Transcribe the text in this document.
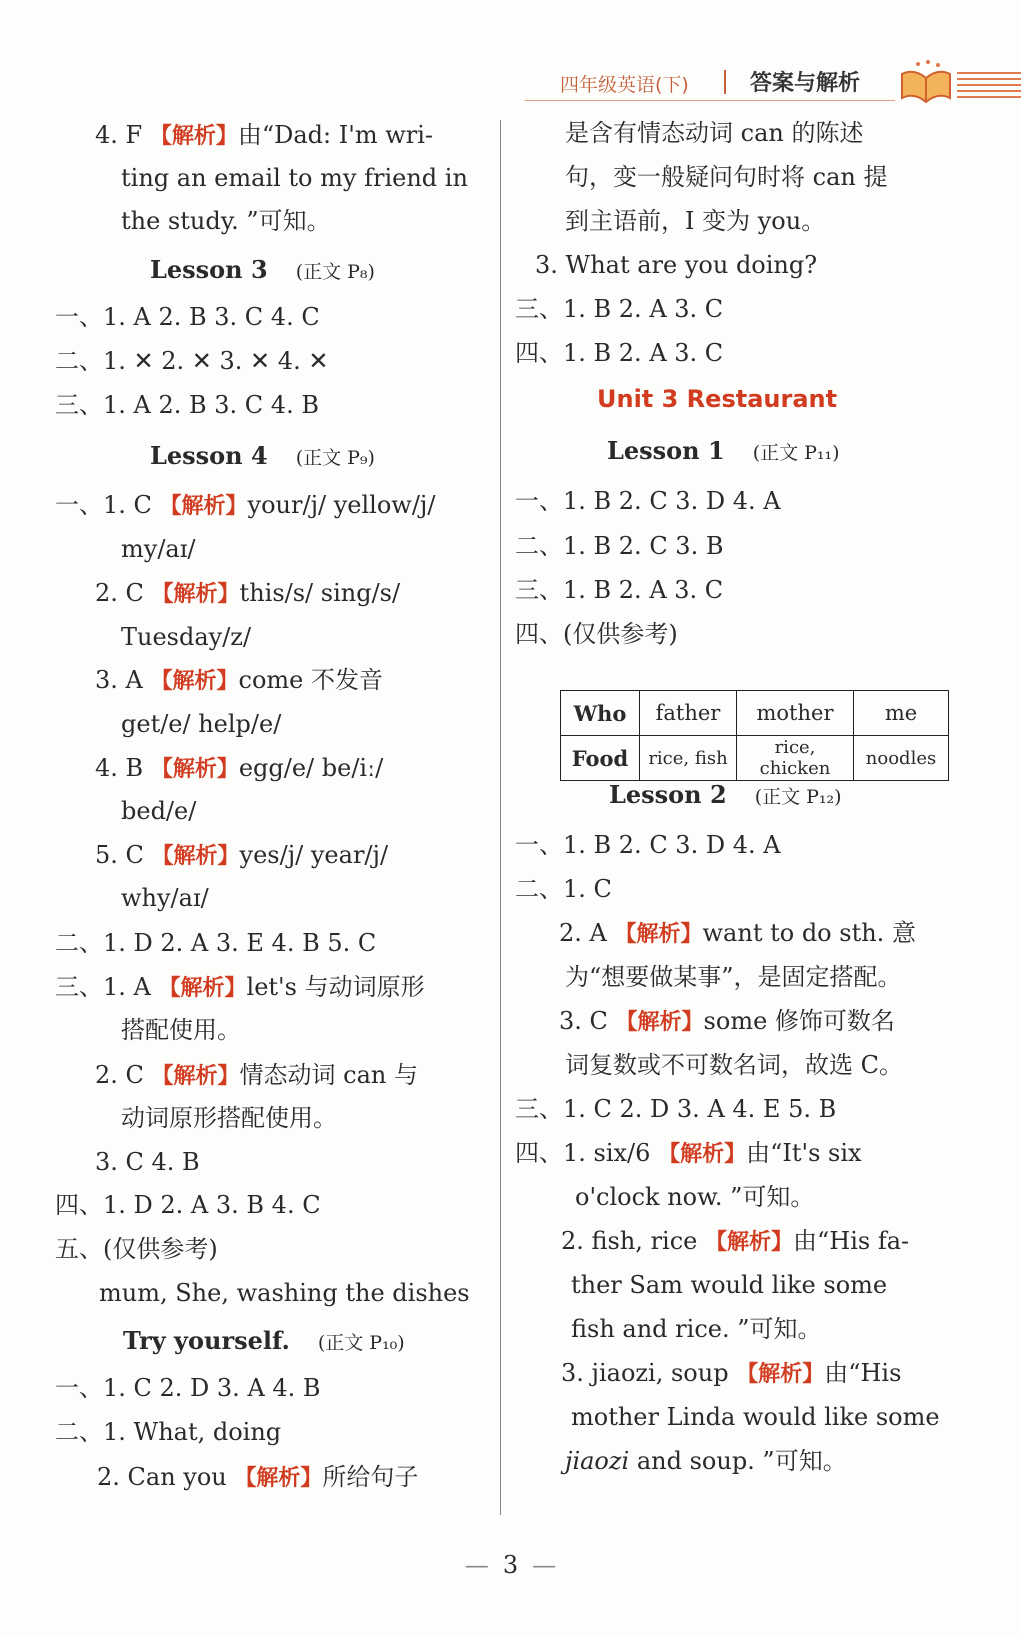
四年级英语(下)	答案与解析
4. F 【解析】由“Dad: I'm wri-
ting an email to my friend in
the study. ”可知。
Lesson 3 (正文 P₈)
一、1. A 2. B 3. C 4. C
二、1. ✕ 2. ✕ 3. ✕ 4. ✕
三、1. A 2. B 3. C 4. B
Lesson 4 (正文 P₉)
一、1. C 【解析】your/j/ yellow/j/
my/aɪ/
2. C 【解析】this/s/ sing/s/
Tuesday/z/
3. A 【解析】come 不发音
get/e/ help/e/
4. B 【解析】egg/e/ be/iː/
bed/e/
5. C 【解析】yes/j/ year/j/
why/aɪ/
二、1. D 2. A 3. E 4. B 5. C
三、1. A 【解析】let's 与动词原形
搭配使用。
2. C 【解析】情态动词 can 与
动词原形搭配使用。
3. C 4. B
四、1. D 2. A 3. B 4. C
五、(仅供参考)
mum, She, washing the dishes
Try yourself. (正文 P₁₀)
一、1. C 2. D 3. A 4. B
二、1. What, doing
2. Can you 【解析】所给句子
是含有情态动词 can 的陈述
句，变一般疑问句时将 can 提
到主语前，I 变为 you。
3. What are you doing?
三、1. B 2. A 3. C
四、1. B 2. A 3. C
Unit 3 Restaurant
Lesson 1 (正文 P₁₁)
一、1. B 2. C 3. D 4. A
二、1. B 2. C 3. B
三、1. B 2. A 3. C
四、(仅供参考)
Lesson 2 (正文 P₁₂)
一、1. B 2. C 3. D 4. A
二、1. C
2. A 【解析】want to do sth. 意
为“想要做某事”，是固定搭配。
3. C 【解析】some 修饰可数名
词复数或不可数名词，故选 C。
三、1. C 2. D 3. A 4. E 5. B
四、1. six/6 【解析】由“It's six
o'clock now. ”可知。
2. fish, rice 【解析】由“His fa-
ther Sam would like some
fish and rice. ”可知。
3. jiaozi, soup 【解析】由“His
mother Linda would like some
jiaozi and soup. ”可知。
Who	father	mother	me
Food	rice, fish	rice, chicken	noodles
— 3 —
